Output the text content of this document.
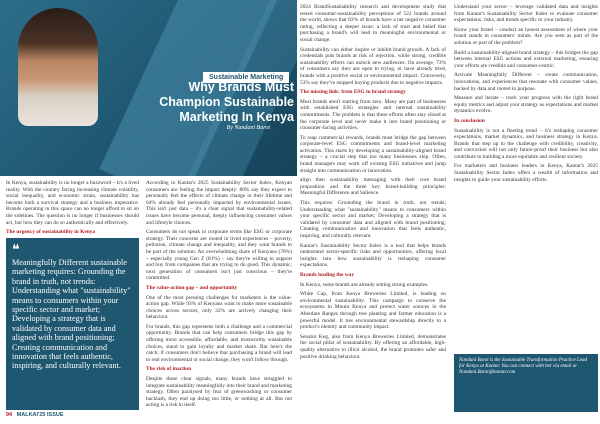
Sustainable Marketing
Why Brands Must Champion Sustainable Marketing In Kenya
By Nandani Barot

In Kenya, sustainability is no longer a buzzword – it's a lived reality. With the country facing increasing climate volatility, social inequality, and economic strain, sustainability has become both a survival strategy and a business imperative. Brands operating in this space can no longer afford to sit on the sidelines. The question is no longer if businesses should act, but how they can do so authentically and effectively.

The urgency of sustainability in Kenya

❝
Meaningfully Different sustainable marketing requires: Grounding the brand in truth, not trends: Understanding what "sustainability" means to consumers within your specific sector and market; Developing a strategy that is validated by consumer data and aligned with brand positioning; Creating communication and innovation that feels authentic, inspiring, and culturally relevant.

According to Kantar's 2025 Sustainability Sector Index, Kenyan consumers are feeling the impact deeply: 80% say they expect to personally feel the effects of climate change in their lifetime and 64% already feel personally impacted by environmental issues. This isn't just data – it's a clear signal that sustainability-related issues have become personal, deeply influencing consumer values and lifestyle choices.

Consumers do not speak in corporate terms like ESG or corporate strategy. Their concerns are rooted in lived experiences – poverty, pollution, climate change and inequality, and they want brands to be part of the solution. An overwhelming share of Kenyans (78%) – especially young Gen Z (81%) – say they're willing to support and buy from companies that are trying to do good. This dynamic, next generation of consumers isn't just conscious – they're committed.

The value-action gap – and opportunity

One of the most pressing challenges for marketers is the value-action gap. While 93% of Kenyans want to make more sustainable choices across sectors, only 32% are actively changing their behaviour.

For brands, this gap represents both a challenge and a commercial opportunity. Brands that can help consumers bridge this gap by offering more accessible, affordable, and trustworthy sustainable choices, stand to gain loyalty and market share. But here's the catch: if consumers don't believe that purchasing a brand will lead to real environmental or social change, they won't follow through.

The risk of inaction

Despite these clear signals, many brands have struggled to integrate sustainability meaningfully into their brand and marketing strategy. Often paralysed by fear of greenwashing or consumer backlash, they end up doing too little, or nothing at all. But not acting is a risk in itself.

2024 BrandSustainability research and development study that tested consumer-sustainability perceptions of 522 brands around the world, shows that 83% of brands have a net negative consumer rating, reflecting a deeper issue: a lack of trust and belief that purchasing a brand's will lead to meaningful environmental or social change.

Sustainability can either inspire or inhibit brand growth. A lack of credentials puts brands at risk of rejection, while strong, credible sustainability efforts can unlock new audiences. On average, 73% of consumers say they are open to trying, or have already tried, brands with a positive social or environmental impact. Conversely, 53% say they've stopped buying products due to negative impacts.

The missing link: from ESG to brand strategy

Most brands aren't starting from zero. Many are part of businesses with established ESG strategies and internal sustainability commitments. The problem is that these efforts often stay siloed at the corporate level and never make it into brand positioning or consumer-facing activities.

To reap commercial rewards, brands must bridge the gap between corporate-level ESG commitments and brand-level marketing activation. This starts by developing a sustainability-aligned brand strategy – a crucial step that too many businesses skip. Often, brand managers may work off existing ESG initiatives and jump straight into communication or innovation.

align their sustainability messaging with their core brand proposition and the three key brand-building principles: Meaningful Difference and Salience.

This requires: Grounding the brand in truth, not trends; Understanding what "sustainability" means to consumers within your specific sector and market; Developing a strategy that is validated by consumer data and aligned with brand positioning; Creating communication and innovation that feels authentic, inspiring, and culturally relevant.

Kantar's Sustainability Sector Index is a tool that helps brands understand sector-specific risks and opportunities, offering local insights into how sustainability is reshaping consumer expectations.

Brands leading the way

In Kenya, some brands are already setting strong examples.

White Cap, from Kenya Breweries Limited, is leading on environmental sustainability. This campaign to conserve the ecosystems in Mount Kenya and protect water sources in the Aberdare Ranges through tree planting and farmer education is a powerful model. It ties environmental stewardship directly to a product's identity and community impact.

Senator Keg, also from Kenya Breweries Limited, demonstrates the social pillar of sustainability. By offering an affordable, high-quality alternative to illicit alcohol, the brand promotes safer and positive drinking behaviour.

Understand your sector – leverage validated data and insights from Kantar's Sustainability Sector Index to evaluate consumer expectations, risks, and trends specific to your industry.

Know your brand – conduct an honest assessment of where your brand stands in consumers' minds. Are you seen as part of the solution or part of the problem?

Build a sustainability-aligned brand strategy – this bridges the gap between internal ESG actions and external marketing, ensuring your efforts are credible and consumer-centric.

Activate Meaningfully Different – create communication, innovations, and experiences that resonate with consumer values, backed by data and rooted in purpose.

Measure and iterate – track your progress with the right brand equity metrics and adjust your strategy as expectations and market dynamics evolve.

In conclusion

Sustainability is not a fleeting trend – it's reshaping consumer expectations, market dynamics, and business strategy in Kenya. Brands that step up to the challenge with credibility, creativity, and conviction will not only future-proof their business but also contribute to building a more equitable and resilient society.

For marketers and business leaders in Kenya, Kantar's 2025 Sustainability Sector Index offers a wealth of information and insights to guide your sustainability efforts.

Nandani Barot is the Sustainable Transformation Practice Lead for Kenya at Kantar. You can connect with her via email at Nandani.Barot@kantar.com
94 MALKAI'25 ISSUE
